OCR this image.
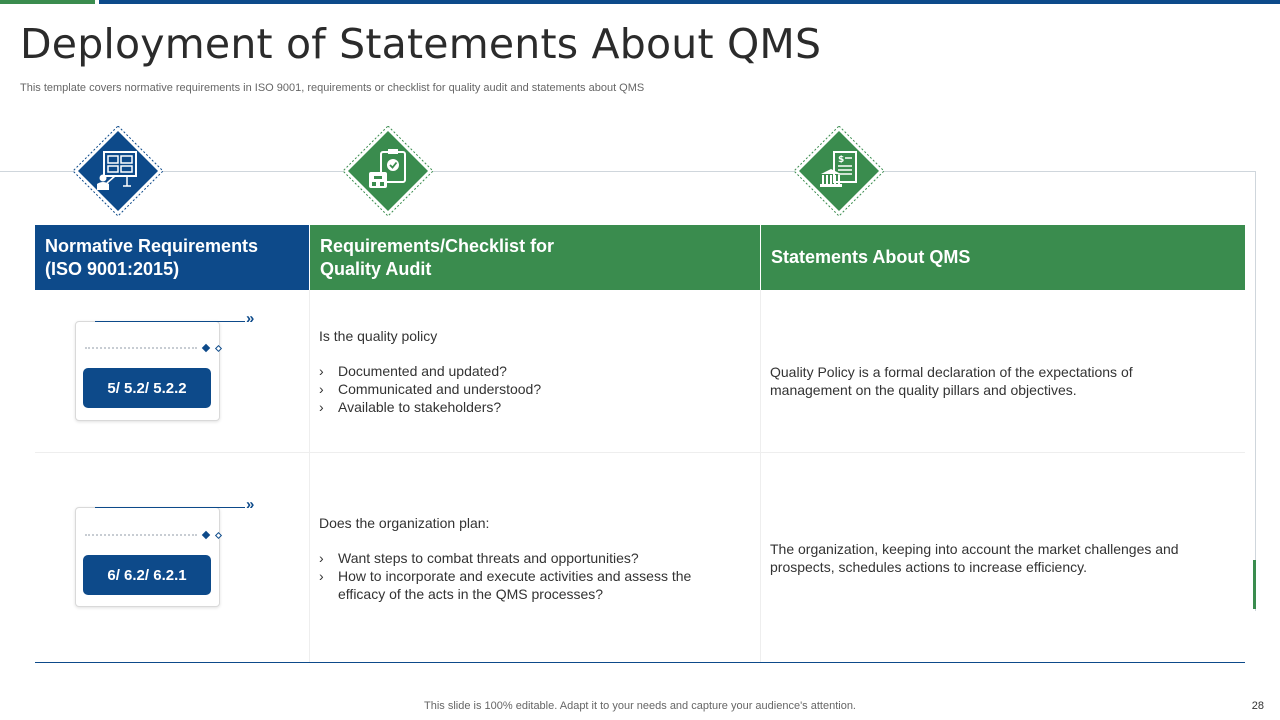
Deployment of Statements About QMS
This template covers normative requirements in ISO 9001, requirements or checklist for quality audit and statements about QMS
$
Normative Requirements
(ISO 9001:2015)
Requirements/Checklist for
Quality Audit
Statements About QMS
»
5/ 5.2/ 5.2.2
Is the quality policy
› Documented and updated?
› Communicated and understood?
› Available to stakeholders?
Quality Policy is a formal declaration of the expectations of management on the quality pillars and objectives.
»
6/ 6.2/ 6.2.1
Does the organization plan:
› Want steps to combat threats and opportunities?
› How to incorporate and execute activities and assess the efficacy of the acts in the QMS processes?
The organization, keeping into account the market challenges and prospects, schedules actions to increase efficiency.
This slide is 100% editable. Adapt it to your needs and capture your audience's attention.	28
